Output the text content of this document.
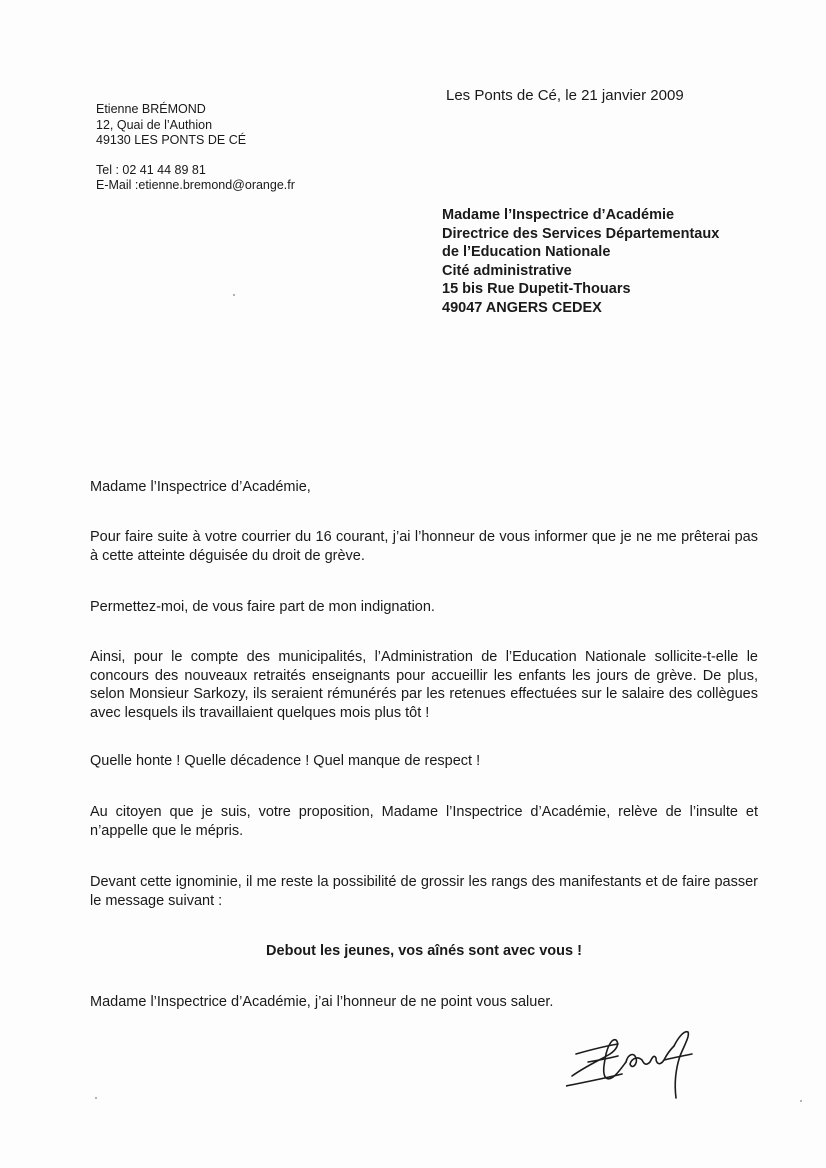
Les Ponts de Cé, le 21 janvier 2009
Etienne BRÉMOND
12, Quai de l’Authion
49130 LES PONTS DE CÉ
Tel : 02 41 44 89 81
E-Mail :etienne.bremond@orange.fr
Madame l’Inspectrice d’Académie
Directrice des Services Départementaux
de l’Education Nationale
Cité administrative
15 bis Rue Dupetit-Thouars
49047 ANGERS CEDEX
Madame l’Inspectrice d’Académie,
Pour faire suite à votre courrier du 16 courant, j’ai l’honneur de vous informer que je ne me prêterai pas à cette atteinte déguisée du droit de grève.
Permettez-moi, de vous faire part de mon indignation.
Ainsi, pour le compte des municipalités, l’Administration de l’Education Nationale sollicite-t-elle le concours des nouveaux retraités enseignants pour accueillir les enfants les jours de grève. De plus, selon Monsieur Sarkozy, ils seraient rémunérés par les retenues effectuées sur le salaire des collègues avec lesquels ils travaillaient quelques mois plus tôt !
Quelle honte ! Quelle décadence ! Quel manque de respect !
Au citoyen que je suis, votre proposition, Madame l’Inspectrice d’Académie, relève de l’insulte et n’appelle que le mépris.
Devant cette ignominie, il me reste la possibilité de grossir les rangs des manifestants et de faire passer le message suivant :
Debout les jeunes, vos aînés sont avec vous !
Madame l’Inspectrice d’Académie, j’ai l’honneur de ne point vous saluer.
